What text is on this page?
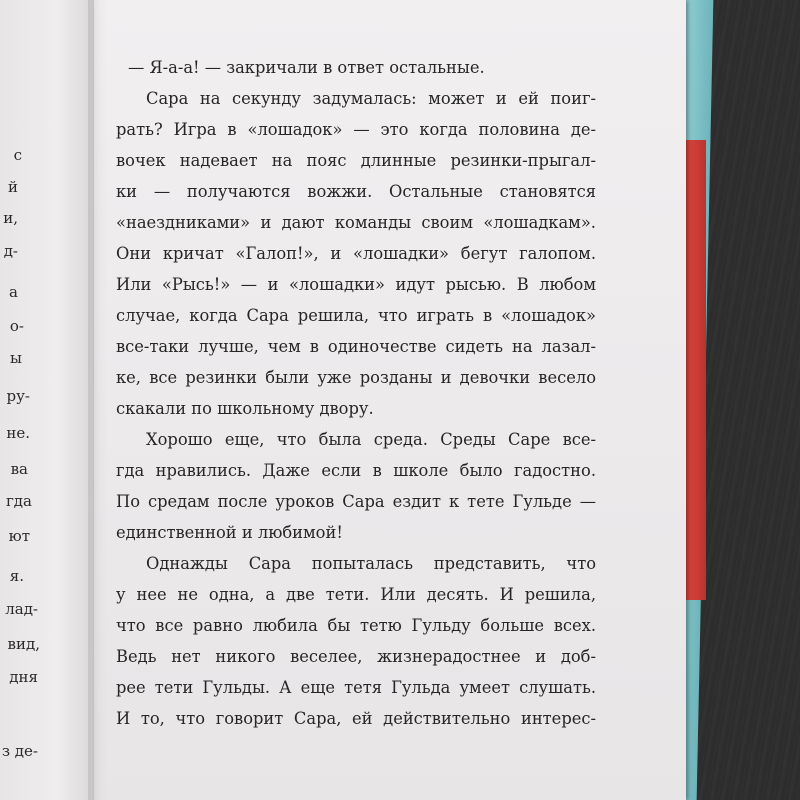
с
й
и,
д-
а
о-
ы
ру-
не.
ва
гда
ют
я.
лад-
вид,
дня
з де-
— Я-а-а! — закричали в ответ остальные.
Сара на секунду задумалась: может и ей поиг-
рать? Игра в «лошадок» — это когда половина де-
вочек надевает на пояс длинные резинки-прыгал-
ки — получаются вожжи. Остальные становятся
«наездниками» и дают команды своим «лошадкам».
Они кричат «Галоп!», и «лошадки» бегут галопом.
Или «Рысь!» — и «лошадки» идут рысью. В любом
случае, когда Сара решила, что играть в «лошадок»
все-таки лучше, чем в одиночестве сидеть на лазал-
ке, все резинки были уже розданы и девочки весело
скакали по школьному двору.
Хорошо еще, что была среда. Среды Саре все-
гда нравились. Даже если в школе было гадостно.
По средам после уроков Сара ездит к тете Гульде —
единственной и любимой!
Однажды Сара попыталась представить, что
у нее не одна, а две тети. Или десять. И решила,
что все равно любила бы тетю Гульду больше всех.
Ведь нет никого веселее, жизнерадостнее и доб-
рее тети Гульды. А еще тетя Гульда умеет слушать.
И то, что говорит Сара, ей действительно интерес-
